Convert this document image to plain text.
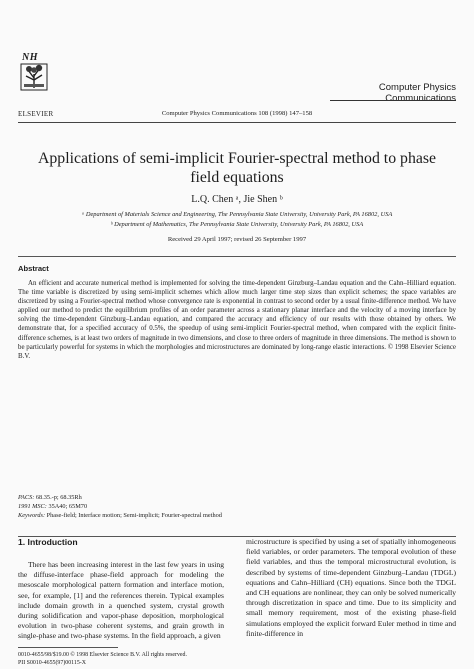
NH
ELSEVIER	Computer Physics Communications 108 (1998) 147–158
Computer Physics
Communications
Applications of semi-implicit Fourier-spectral method to phase
field equations
L.Q. Chen ᵃ, Jie Shen ᵇ
ᵃ Department of Materials Science and Engineering, The Pennsylvania State University, University Park, PA 16802, USA
ᵇ Department of Mathematics, The Pennsylvania State University, University Park, PA 16802, USA
Received 29 April 1997; revised 26 September 1997
Abstract
An efficient and accurate numerical method is implemented for solving the time-dependent Ginzburg–Landau equation and the Cahn–Hilliard equation. The time variable is discretized by using semi-implicit schemes which allow much larger time step sizes than explicit schemes; the space variables are discretized by using a Fourier-spectral method whose convergence rate is exponential in contrast to second order by a usual finite-difference method. We have applied our method to predict the equilibrium profiles of an order parameter across a stationary planar interface and the velocity of a moving interface by solving the time-dependent Ginzburg–Landau equation, and compared the accuracy and efficiency of our results with those obtained by others. We demonstrate that, for a specified accuracy of 0.5%, the speedup of using semi-implicit Fourier-spectral method, when compared with the explicit finite-difference schemes, is at least two orders of magnitude in two dimensions, and close to three orders of magnitude in three dimensions. The method is shown to be particularly powerful for systems in which the morphologies and microstructures are dominated by long-range elastic interactions. © 1998 Elsevier Science B.V.
PACS: 68.35.-p; 68.35Rh
1991 MSC: 35A40; 65M70
Keywords: Phase-field; Interface motion; Semi-implicit; Fourier-spectral method
1. Introduction
There has been increasing interest in the last few years in using the diffuse-interface phase-field approach for modeling the mesoscale morphological pattern formation and interface motion, see, for example, [1] and the references therein. Typical examples include domain growth in a quenched system, crystal growth during solidification and vapor-phase deposition, morphological evolution in two-phase coherent systems, and grain growth in single-phase and two-phase systems. In the field approach, a given
microstructure is specified by using a set of spatially inhomogeneous field variables, or order parameters. The temporal evolution of these field variables, and thus the temporal microstructural evolution, is described by systems of time-dependent Ginzburg–Landau (TDGL) equations and Cahn–Hilliard (CH) equations. Since both the TDGL and CH equations are nonlinear, they can only be solved numerically through discretization in space and time. Due to its simplicity and small memory requirement, most of the existing phase-field simulations employed the explicit forward Euler method in time and finite-difference in
0010-4655/98/$19.00 © 1998 Elsevier Science B.V. All rights reserved.
PII S0010-4655(97)00115-X
